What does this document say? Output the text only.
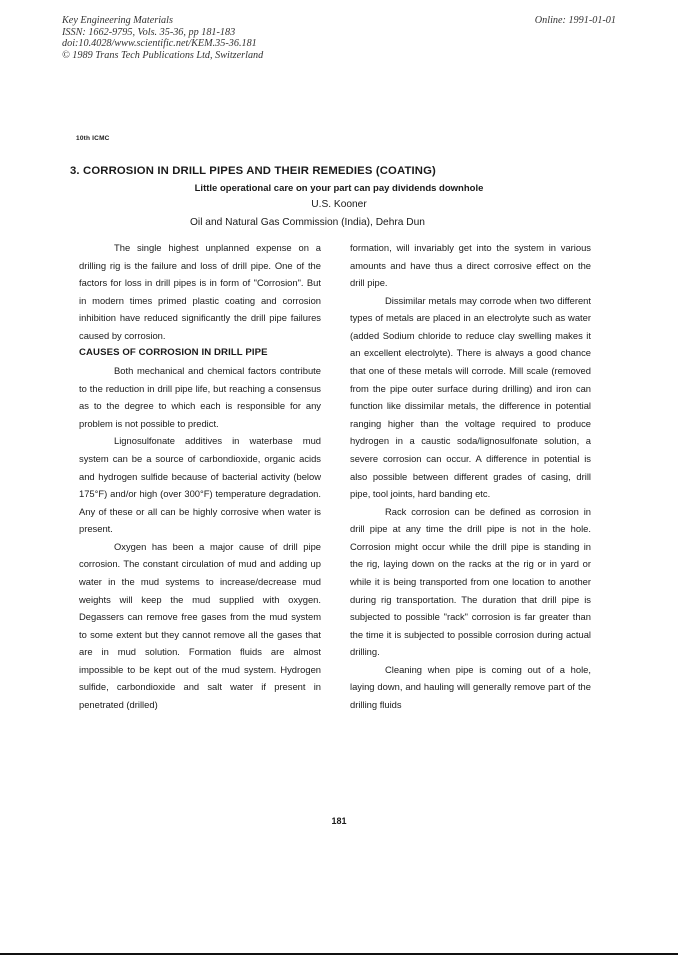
Key Engineering Materials
ISSN: 1662-9795, Vols. 35-36, pp 181-183
doi:10.4028/www.scientific.net/KEM.35-36.181
© 1989 Trans Tech Publications Ltd, Switzerland
Online: 1991-01-01
10th ICMC
3. CORROSION IN DRILL PIPES AND THEIR REMEDIES (COATING)
Little operational care on your part can pay dividends downhole
U.S. Kooner
Oil and Natural Gas Commission (India), Dehra Dun

The single highest unplanned expense on a drilling rig is the failure and loss of drill pipe. One of the factors for loss in drill pipes is in form of "Corrosion". But in modern times primed plastic coating and corrosion inhibition have reduced significantly the drill pipe failures caused by corrosion.

CAUSES OF CORROSION IN DRILL PIPE

Both mechanical and chemical factors contribute to the reduction in drill pipe life, but reaching a consensus as to the degree to which each is responsible for any problem is not possible to predict.

Lignosulfonate additives in waterbase mud system can be a source of carbondioxide, organic acids and hydrogen sulfide because of bacterial activity (below 175°F) and/or high (over 300°F) temperature degradation. Any of these or all can be highly corrosive when water is present.

Oxygen has been a major cause of drill pipe corrosion. The constant circulation of mud and adding up water in the mud systems to increase/decrease mud weights will keep the mud supplied with oxygen. Degassers can remove free gases from the mud system to some extent but they cannot remove all the gases that are in mud solution. Formation fluids are almost impossible to be kept out of the mud system. Hydrogen sulfide, carbondioxide and salt water if present in penetrated (drilled)

formation, will invariably get into the system in various amounts and have thus a direct corrosive effect on the drill pipe.

Dissimilar metals may corrode when two different types of metals are placed in an electrolyte such as water (added Sodium chloride to reduce clay swelling makes it an excellent electrolyte). There is always a good chance that one of these metals will corrode. Mill scale (removed from the pipe outer surface during drilling) and iron can function like dissimilar metals, the difference in potential ranging higher than the voltage required to produce hydrogen in a caustic soda/lignosulfonate solution, a severe corrosion can occur. A difference in potential is also possible between different grades of casing, drill pipe, tool joints, hard banding etc.

Rack corrosion can be defined as corrosion in drill pipe at any time the drill pipe is not in the hole. Corrosion might occur while the drill pipe is standing in the rig, laying down on the racks at the rig or in yard or while it is being transported from one location to another during rig transportation. The duration that drill pipe is subjected to possible "rack" corrosion is far greater than the time it is subjected to possible corrosion during actual drilling.

Cleaning when pipe is coming out of a hole, laying down, and hauling will generally remove part of the drilling fluids

181
